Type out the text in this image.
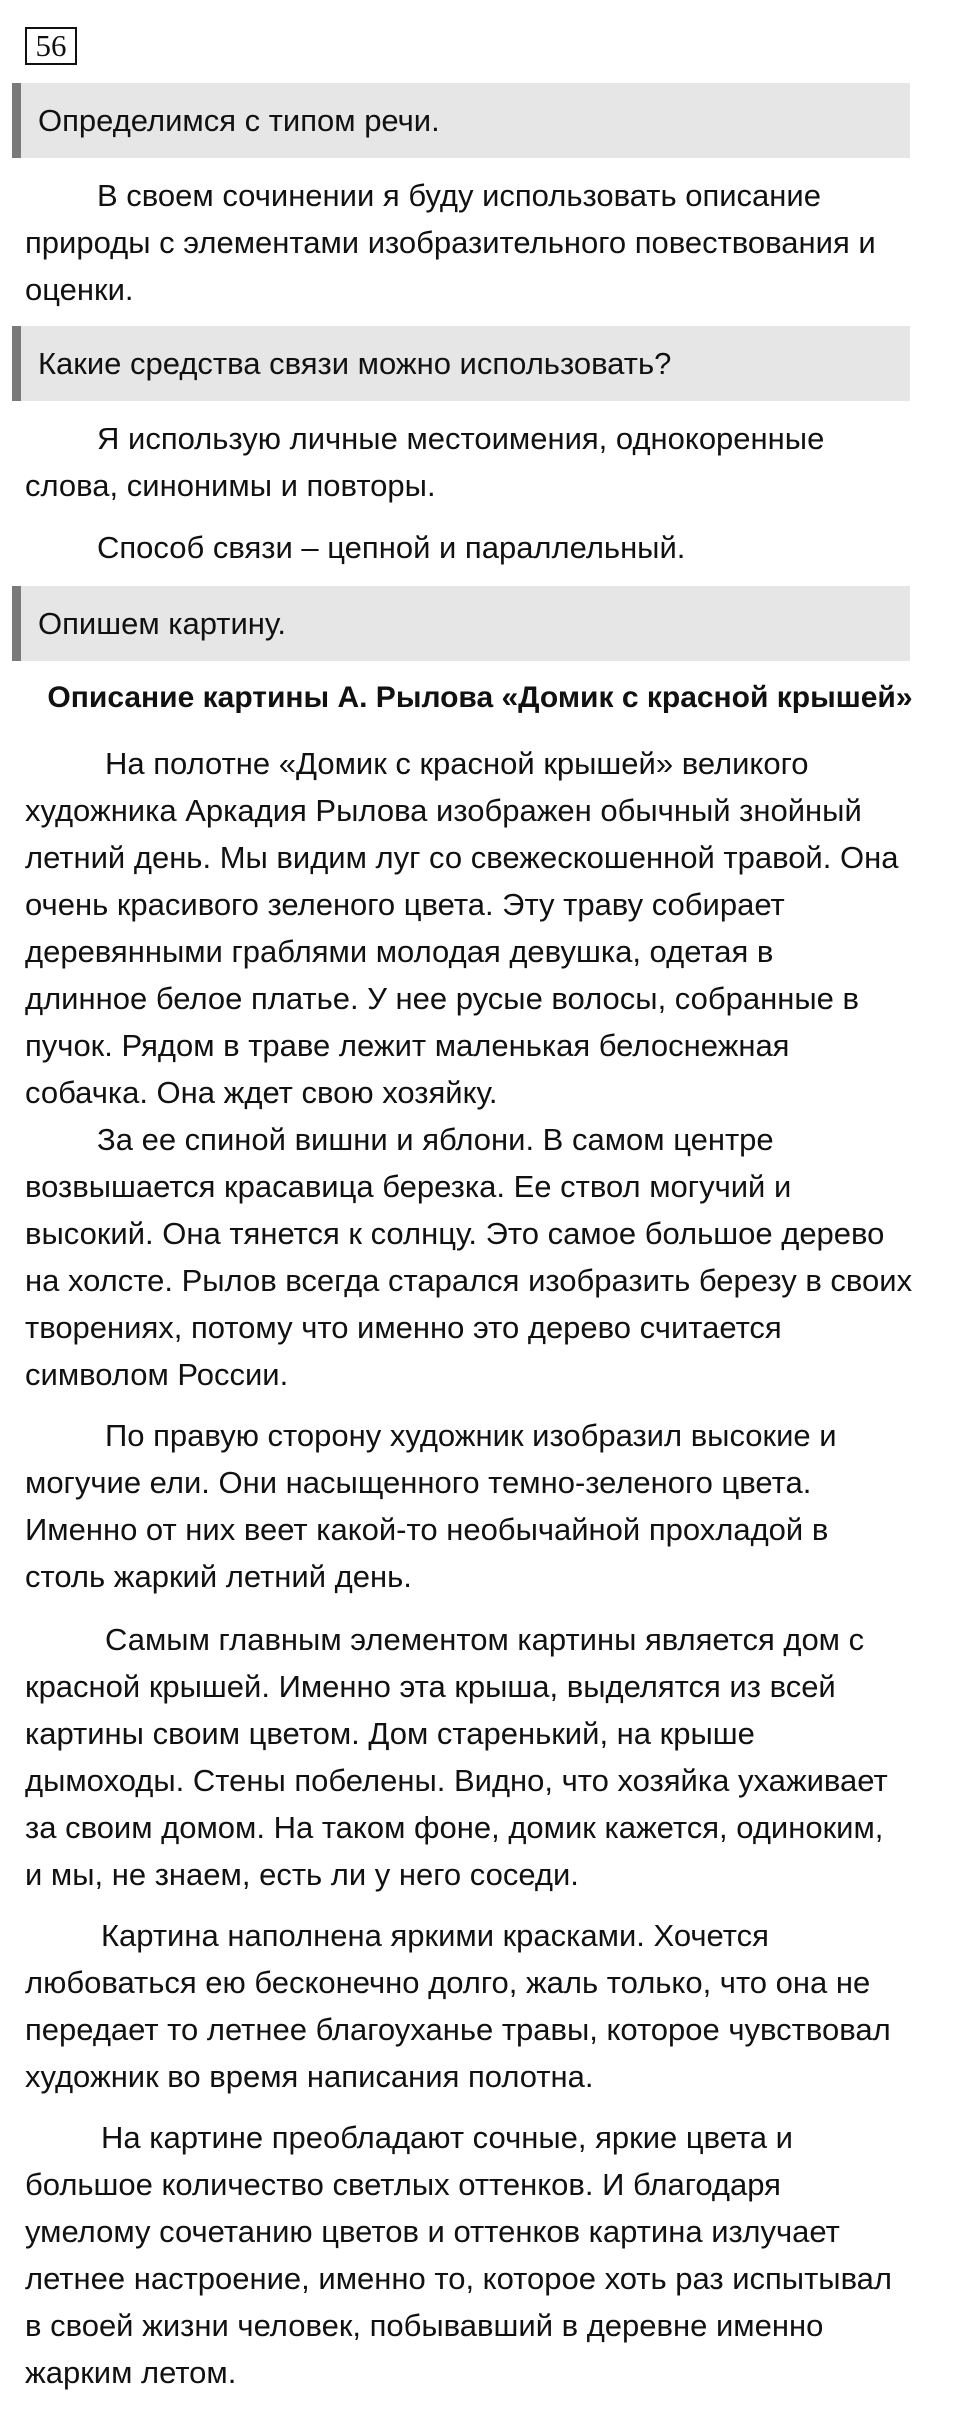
56
Определимся с типом речи.

В своем сочинении я буду использовать описание
природы с элементами изобразительного повествования и
оценки.

Какие средства связи можно использовать?

Я использую личные местоимения, однокоренные
слова, синонимы и повторы.

Способ связи – цепной и параллельный.

Опишем картину.
Описание картины А. Рылова «Домик с красной крышей»

На полотне «Домик с красной крышей» великого
художника Аркадия Рылова изображен обычный знойный
летний день. Мы видим луг со свежескошенной травой. Она
очень красивого зеленого цвета. Эту траву собирает
деревянными граблями молодая девушка, одетая в
длинное белое платье. У нее русые волосы, собранные в
пучок. Рядом в траве лежит маленькая белоснежная
собачка. Она ждет свою хозяйку.

За ее спиной вишни и яблони. В самом центре
возвышается красавица березка. Ее ствол могучий и
высокий. Она тянется к солнцу. Это самое большое дерево
на холсте. Рылов всегда старался изобразить березу в своих
творениях, потому что именно это дерево считается
символом России.

По правую сторону художник изобразил высокие и
могучие ели. Они насыщенного темно-зеленого цвета.
Именно от них веет какой-то необычайной прохладой в
столь жаркий летний день.

Самым главным элементом картины является дом с
красной крышей. Именно эта крыша, выделятся из всей
картины своим цветом. Дом старенький, на крыше
дымоходы. Стены побелены. Видно, что хозяйка ухаживает
за своим домом. На таком фоне, домик кажется, одиноким,
и мы, не знаем, есть ли у него соседи.

Картина наполнена яркими красками. Хочется
любоваться ею бесконечно долго, жаль только, что она не
передает то летнее благоуханье травы, которое чувствовал
художник во время написания полотна.

На картине преобладают сочные, яркие цвета и
большое количество светлых оттенков. И благодаря
умелому сочетанию цветов и оттенков картина излучает
летнее настроение, именно то, которое хоть раз испытывал
в своей жизни человек, побывавший в деревне именно
жарким летом.
